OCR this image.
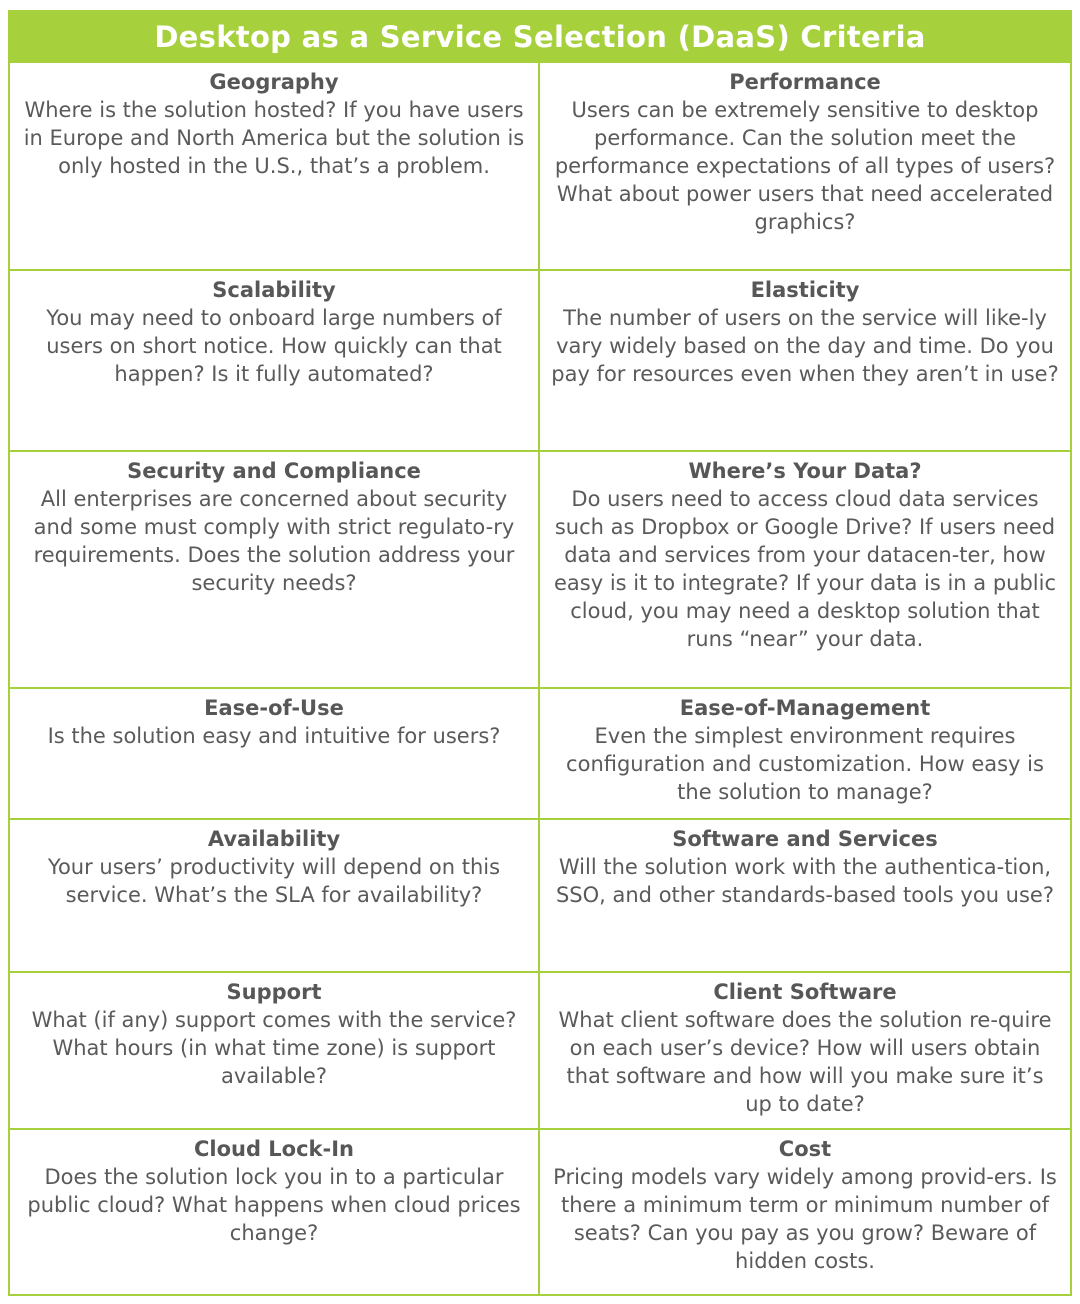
Desktop as a Service Selection (DaaS) Criteria
Geography
Where is the solution hosted? If you have users in Europe and North America but the solution is only hosted in the U.S., that’s a problem.
Performance
Users can be extremely sensitive to desktop performance. Can the solution meet the performance expectations of all types of users? What about power users that need accelerated graphics?
Scalability
You may need to onboard large numbers of users on short notice. How quickly can that happen? Is it fully automated?
Elasticity
The number of users on the service will like-ly vary widely based on the day and time. Do you pay for resources even when they aren’t in use?
Security and Compliance
All enterprises are concerned about security and some must comply with strict regulato-ry requirements. Does the solution address your security needs?
Where’s Your Data?
Do users need to access cloud data services such as Dropbox or Google Drive? If users need data and services from your datacen-ter, how easy is it to integrate? If your data is in a public cloud, you may need a desktop solution that runs “near” your data.
Ease-of-Use
Is the solution easy and intuitive for users?
Ease-of-Management
Even the simplest environment requires configuration and customization. How easy is the solution to manage?
Availability
Your users’ productivity will depend on this service. What’s the SLA for availability?
Software and Services
Will the solution work with the authentica-tion, SSO, and other standards-based tools you use?
Support
What (if any) support comes with the service? What hours (in what time zone) is support available?
Client Software
What client software does the solution re-quire on each user’s device? How will users obtain that software and how will you make sure it’s up to date?
Cloud Lock-In
Does the solution lock you in to a particular public cloud? What happens when cloud prices change?
Cost
Pricing models vary widely among provid-ers. Is there a minimum term or minimum number of seats? Can you pay as you grow? Beware of hidden costs.
